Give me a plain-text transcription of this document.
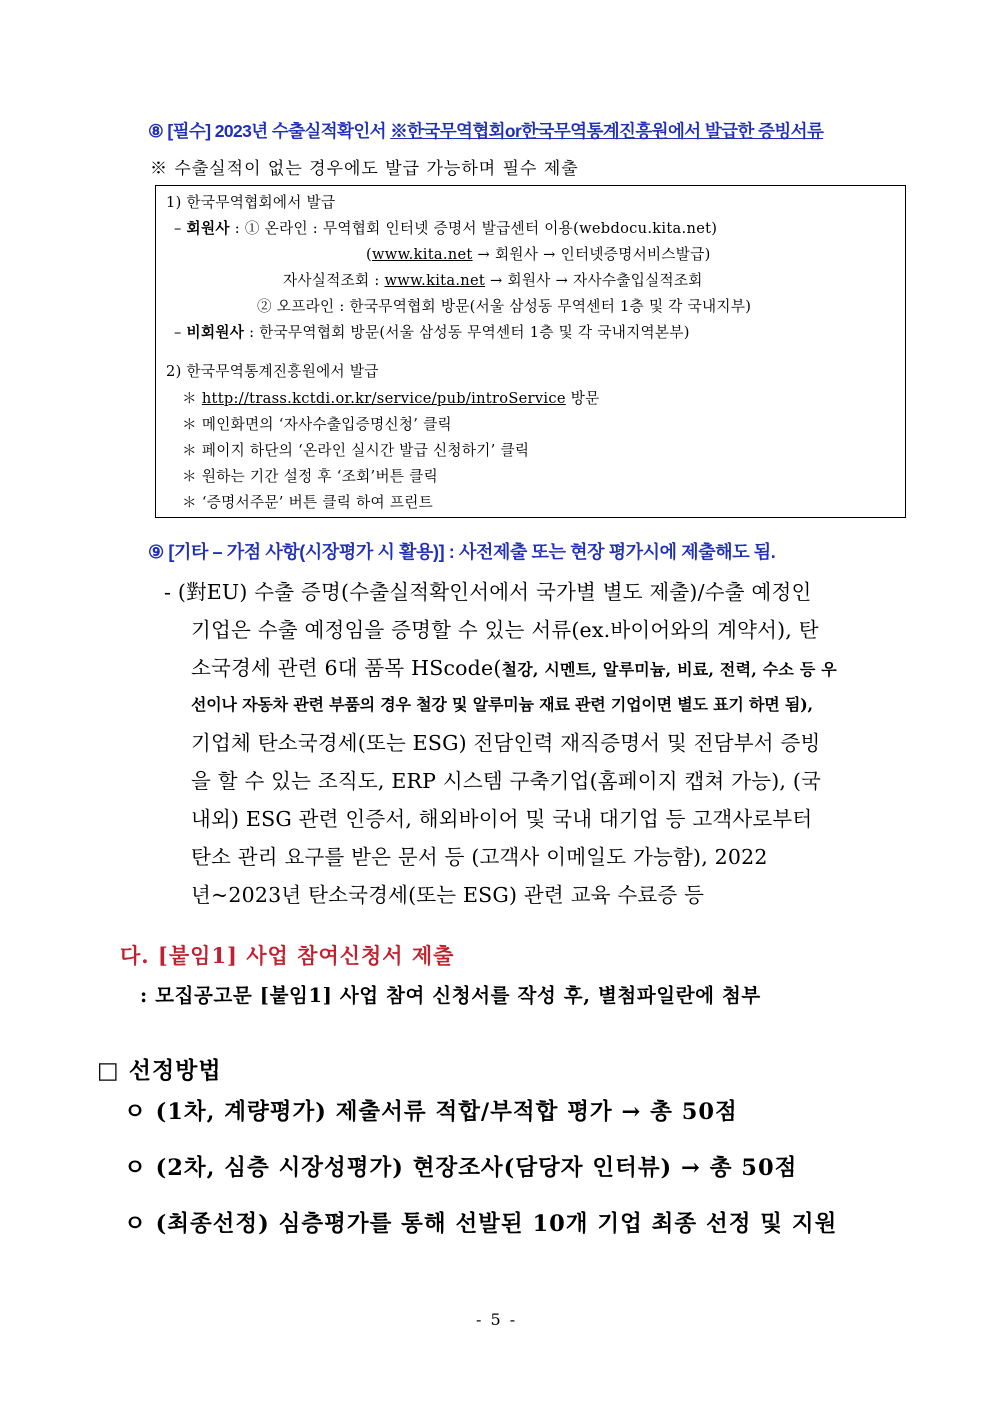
⑧ [필수] 2023년 수출실적확인서 ※한국무역협회or한국무역통계진흥원에서 발급한 증빙서류
※ 수출실적이 없는 경우에도 발급 가능하며 필수 제출
1) 한국무역협회에서 발급
– 회원사 : ① 온라인 : 무역협회 인터넷 증명서 발급센터 이용(webdocu.kita.net)
(www.kita.net → 회원사 → 인터넷증명서비스발급)
자사실적조회 : www.kita.net → 회원사 → 자사수출입실적조회
② 오프라인 : 한국무역협회 방문(서울 삼성동 무역센터 1층 및 각 국내지부)
– 비회원사 : 한국무역협회 방문(서울 삼성동 무역센터 1층 및 각 국내지역본부)
2) 한국무역통계진흥원에서 발급
＊ http://trass.kctdi.or.kr/service/pub/introService 방문
＊ 메인화면의 ‘자사수출입증명신청’ 클릭
＊ 페이지 하단의 ‘온라인 실시간 발급 신청하기’ 클릭
＊ 원하는 기간 설정 후 ‘조회’버튼 클릭
＊ ‘증명서주문’ 버튼 클릭 하여 프린트
⑨ [기타 – 가점 사항(시장평가 시 활용)] : 사전제출 또는 현장 평가시에 제출해도 됨.
- (對EU) 수출 증명(수출실적확인서에서 국가별 별도 제출)/수출 예정인
기업은 수출 예정임을 증명할 수 있는 서류(ex.바이어와의 계약서), 탄
소국경세 관련 6대 품목 HScode(철강, 시멘트, 알루미늄, 비료, 전력, 수소 등 우
선이나 자동차 관련 부품의 경우 철강 및 알루미늄 재료 관련 기업이면 별도 표기 하면 됨),
기업체 탄소국경세(또는 ESG) 전담인력 재직증명서 및 전담부서 증빙
을 할 수 있는 조직도, ERP 시스템 구축기업(홈페이지 캡쳐 가능), (국
내외) ESG 관련 인증서, 해외바이어 및 국내 대기업 등 고객사로부터
탄소 관리 요구를 받은 문서 등 (고객사 이메일도 가능함), 2022
년~2023년 탄소국경세(또는 ESG) 관련 교육 수료증 등
다. [붙임1] 사업 참여신청서 제출
: 모집공고문 [붙임1] 사업 참여 신청서를 작성 후, 별첨파일란에 첨부
□ 선정방법
ㅇ (1차, 계량평가) 제출서류 적합/부적합 평가 → 총 50점
ㅇ (2차, 심층 시장성평가) 현장조사(담당자 인터뷰) → 총 50점
ㅇ (최종선정) 심층평가를 통해 선발된 10개 기업 최종 선정 및 지원
- 5 -
